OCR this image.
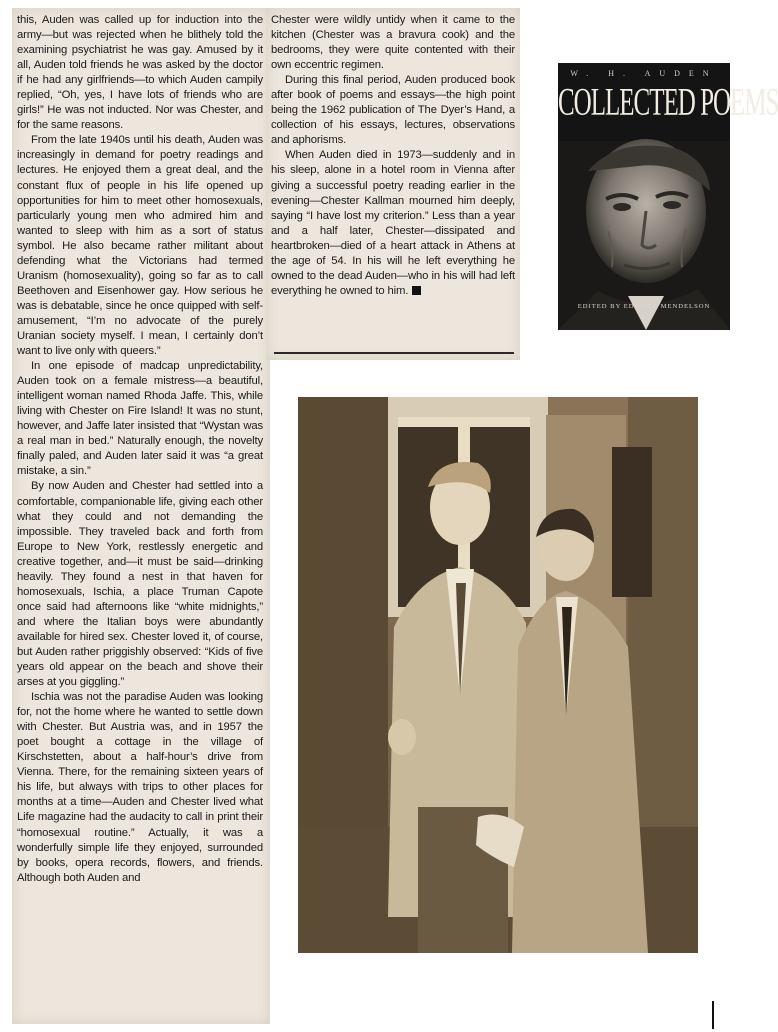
this, Auden was called up for induction into the army—but was rejected when he blithely told the examining psychiatrist he was gay. Amused by it all, Auden told friends he was asked by the doctor if he had any girlfriends—to which Auden campily replied, “Oh, yes, I have lots of friends who are girls!” He was not inducted. Nor was Chester, and for the same reasons.

From the late 1940s until his death, Auden was increasingly in demand for poetry readings and lectures. He enjoyed them a great deal, and the constant flux of people in his life opened up opportunities for him to meet other homosexuals, particularly young men who admired him and wanted to sleep with him as a sort of status symbol. He also became rather militant about defending what the Victorians had termed Uranism (homosexuality), going so far as to call Beethoven and Eisenhower gay. How serious he was is debatable, since he once quipped with self-amusement, “I’m no advocate of the purely Uranian society myself. I mean, I certainly don’t want to live only with queers.”

In one episode of madcap unpredictability, Auden took on a female mistress—a beautiful, intelligent woman named Rhoda Jaffe. This, while living with Chester on Fire Island! It was no stunt, however, and Jaffe later insisted that “Wystan was a real man in bed.” Naturally enough, the novelty finally paled, and Auden later said it was “a great mistake, a sin.”

By now Auden and Chester had settled into a comfortable, companionable life, giving each other what they could and not demanding the impossible. They traveled back and forth from Europe to New York, restlessly energetic and creative together, and—it must be said—drinking heavily. They found a nest in that haven for homosexuals, Ischia, a place Truman Capote once said had afternoons like “white midnights,” and where the Italian boys were abundantly available for hired sex. Chester loved it, of course, but Auden rather priggishly observed: “Kids of five years old appear on the beach and shove their arses at you giggling.”

Ischia was not the paradise Auden was looking for, not the home where he wanted to settle down with Chester. But Austria was, and in 1957 the poet bought a cottage in the village of Kirschstetten, about a half-hour’s drive from Vienna. There, for the remaining sixteen years of his life, but always with trips to other places for months at a time—Auden and Chester lived what Life magazine had the audacity to call in print their “homosexual routine.” Actually, it was a wonderfully simple life they enjoyed, surrounded by books, opera records, flowers, and friends. Although both Auden and

Chester were wildly untidy when it came to the kitchen (Chester was a bravura cook) and the bedrooms, they were quite contented with their own eccentric regimen.

During this final period, Auden produced book after book of poems and essays—the high point being the 1962 publication of The Dyer’s Hand, a collection of his essays, lectures, observations and aphorisms.

When Auden died in 1973—suddenly and in his sleep, alone in a hotel room in Vienna after giving a successful poetry reading earlier in the evening—Chester Kallman mourned him deeply, saying “I have lost my criterion.” Less than a year and a half later, Chester—dissipated and heartbroken—died of a heart attack in Athens at the age of 54. In his will he left everything he owned to the dead Auden—who in his will had left everything he owned to him.

W. H. AUDEN
COLLECTED POEMS
EDITED BY EDWARD MENDELSON
